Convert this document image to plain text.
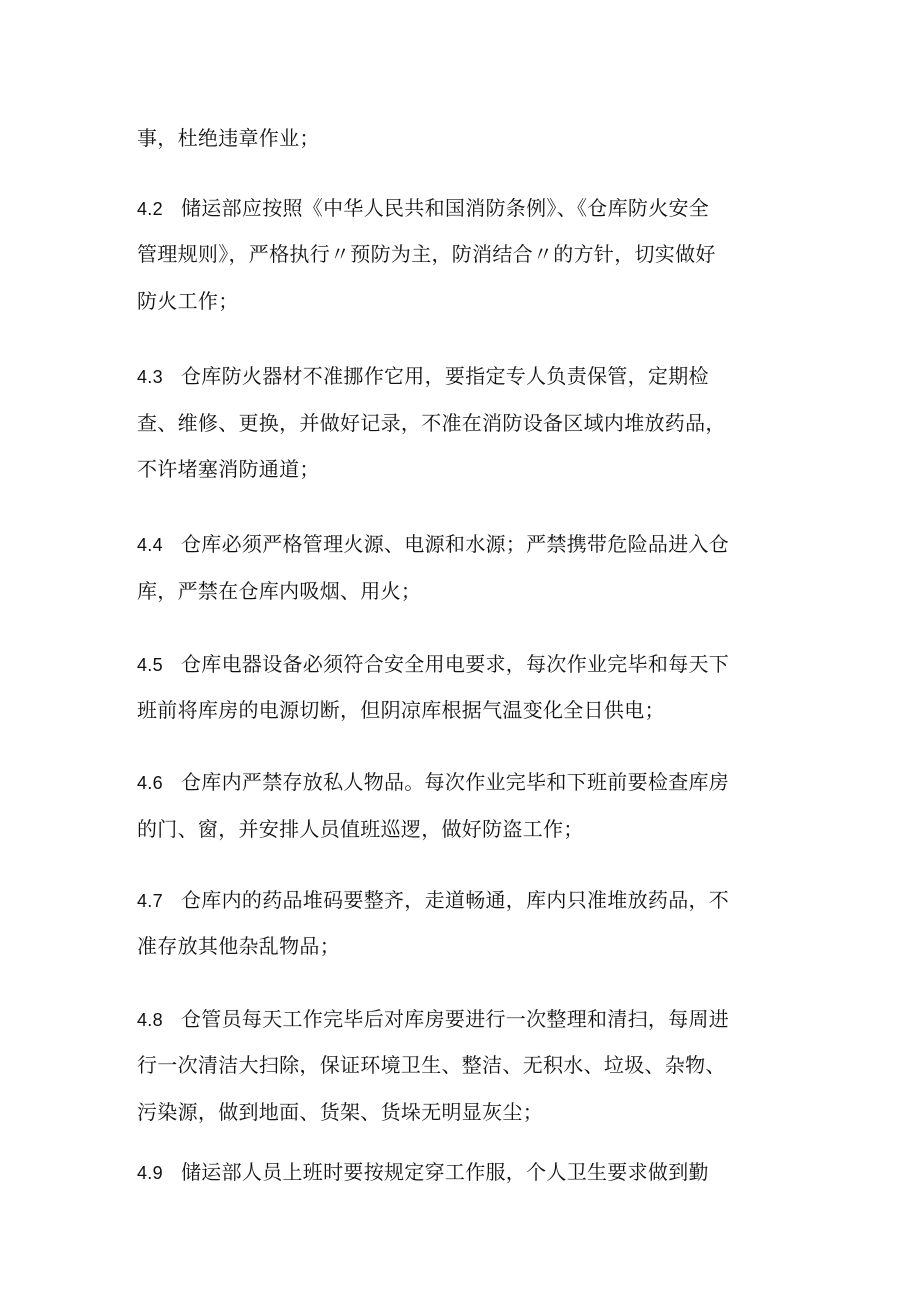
事，杜绝违章作业；
4.2 储运部应按照《中华人民共和国消防条例》、《仓库防火安全
管理规则》，严格执行〃预防为主，防消结合〃的方针，切实做好
防火工作；
4.3 仓库防火器材不准挪作它用，要指定专人负责保管，定期检
查、维修、更换，并做好记录，不准在消防设备区域内堆放药品，
不许堵塞消防通道；
4.4 仓库必须严格管理火源、电源和水源；严禁携带危险品进入仓
库，严禁在仓库内吸烟、用火；
4.5 仓库电器设备必须符合安全用电要求，每次作业完毕和每天下
班前将库房的电源切断，但阴凉库根据气温变化全日供电；
4.6 仓库内严禁存放私人物品。每次作业完毕和下班前要检查库房
的门、窗，并安排人员值班巡逻，做好防盗工作；
4.7 仓库内的药品堆码要整齐，走道畅通，库内只准堆放药品，不
准存放其他杂乱物品；
4.8 仓管员每天工作完毕后对库房要进行一次整理和清扫，每周进
行一次清洁大扫除，保证环境卫生、整洁、无积水、垃圾、杂物、
污染源，做到地面、货架、货垛无明显灰尘；
4.9 储运部人员上班时要按规定穿工作服，个人卫生要求做到勤
